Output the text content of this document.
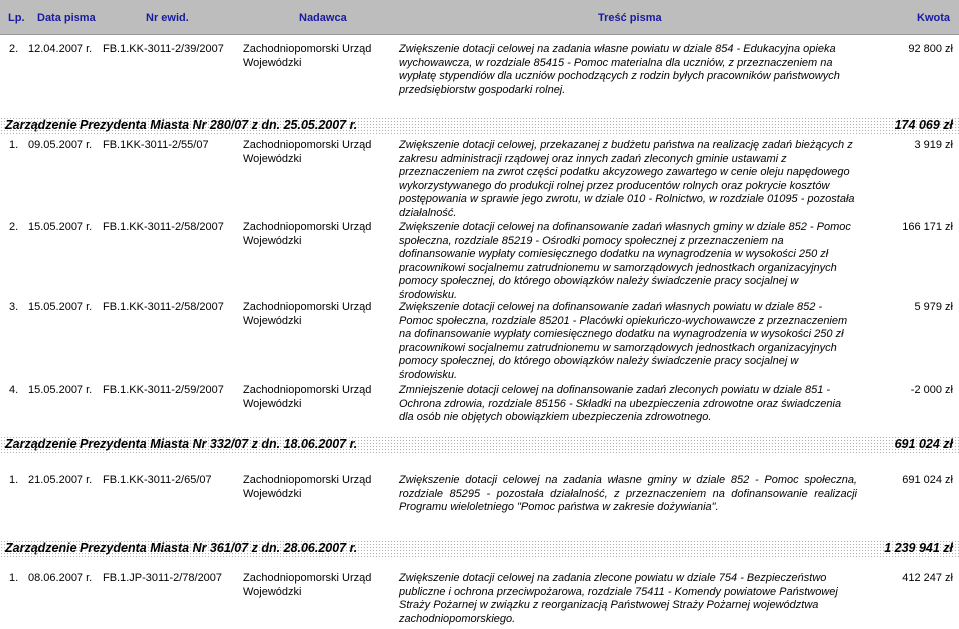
Lp. Data pisma	Nr ewid.	Nadawca	Treść pisma	Kwota
2. 12.04.2007 r. FB.1.KK-3011-2/39/2007 Zachodniopomorski Urząd Wojewódzki
Zwiększenie dotacji celowej na zadania własne powiatu w dziale 854 - Edukacyjna opieka wychowawcza, w rozdziale 85415 - Pomoc materialna dla uczniów, z przeznaczeniem na wypłatę stypendiów dla uczniów pochodzących z rodzin byłych pracowników państwowych przedsiębiorstw gospodarki rolnej.
92 800 zł
Zarządzenie Prezydenta Miasta Nr 280/07 z dn. 25.05.2007 r.	174 069 zł
1. 09.05.2007 r. FB.1KK-3011-2/55/07	Zachodniopomorski Urząd Wojewódzki
Zwiększenie dotacji celowej, przekazanej z budżetu państwa na realizację zadań bieżących z zakresu administracji rządowej oraz innych zadań zleconych gminie ustawami z przeznaczeniem na zwrot części podatku akcyzowego zawartego w cenie oleju napędowego wykorzystywanego do produkcji rolnej przez producentów rolnych oraz pokrycie kosztów postępowania w sprawie jego zwrotu, w dziale 010 - Rolnictwo, w rozdziale 01095 - pozostała działalność.
3 919 zł
2. 15.05.2007 r. FB.1.KK-3011-2/58/2007 Zachodniopomorski Urząd Wojewódzki
Zwiększenie dotacji celowej na dofinansowanie zadań własnych gminy w dziale 852 - Pomoc społeczna, rozdziale 85219 - Ośrodki pomocy społecznej z przeznaczeniem na dofinansowanie wypłaty comiesięcznego dodatku na wynagrodzenia w wysokości 250 zł pracownikowi socjalnemu zatrudnionemu w samorządowych jednostkach organizacyjnych pomocy społecznej, do którego obowiązków należy świadczenie pracy socjalnej w środowisku.
166 171 zł
3. 15.05.2007 r. FB.1.KK-3011-2/58/2007 Zachodniopomorski Urząd Wojewódzki
Zwiększenie dotacji celowej na dofinansowanie zadań własnych powiatu w dziale 852 - Pomoc społeczna, rozdziale 85201 - Placówki opiekuńczo-wychowawcze z przeznaczeniem na dofinansowanie wypłaty comiesięcznego dodatku na wynagrodzenia w wysokości 250 zł pracownikowi socjalnemu zatrudnionemu w samorządowych jednostkach organizacyjnych pomocy społecznej, do którego obowiązków należy świadczenie pracy socjalnej w środowisku.
5 979 zł
4. 15.05.2007 r. FB.1.KK-3011-2/59/2007 Zachodniopomorski Urząd Wojewódzki
Zmniejszenie dotacji celowej na dofinansowanie zadań zleconych powiatu w dziale 851 - Ochrona zdrowia, rozdziale 85156 - Składki na ubezpieczenia zdrowotne oraz świadczenia dla osób nie objętych obowiązkiem ubezpieczenia zdrowotnego.
-2 000 zł
Zarządzenie Prezydenta Miasta Nr 332/07 z dn. 18.06.2007 r.	691 024 zł
1. 21.05.2007 r. FB.1.KK-3011-2/65/07	Zachodniopomorski Urząd Wojewódzki
Zwiększenie dotacji celowej na zadania własne gminy w dziale 852 - Pomoc społeczna, rozdziale 85295 - pozostała działalność, z przeznaczeniem na dofinansowanie realizacji Programu wieloletniego "Pomoc państwa w zakresie dożywiania".
691 024 zł
Zarządzenie Prezydenta Miasta Nr 361/07 z dn. 28.06.2007 r.	1 239 941 zł
1. 08.06.2007 r. FB.1.JP-3011-2/78/2007 Zachodniopomorski Urząd Wojewódzki
Zwiększenie dotacji celowej na zadania zlecone powiatu w dziale 754 - Bezpieczeństwo publiczne i ochrona przeciwpożarowa, rozdziale 75411 - Komendy powiatowe Państwowej Straży Pożarnej w związku z reorganizacją Państwowej Straży Pożarnej województwa zachodniopomorskiego.
412 247 zł
